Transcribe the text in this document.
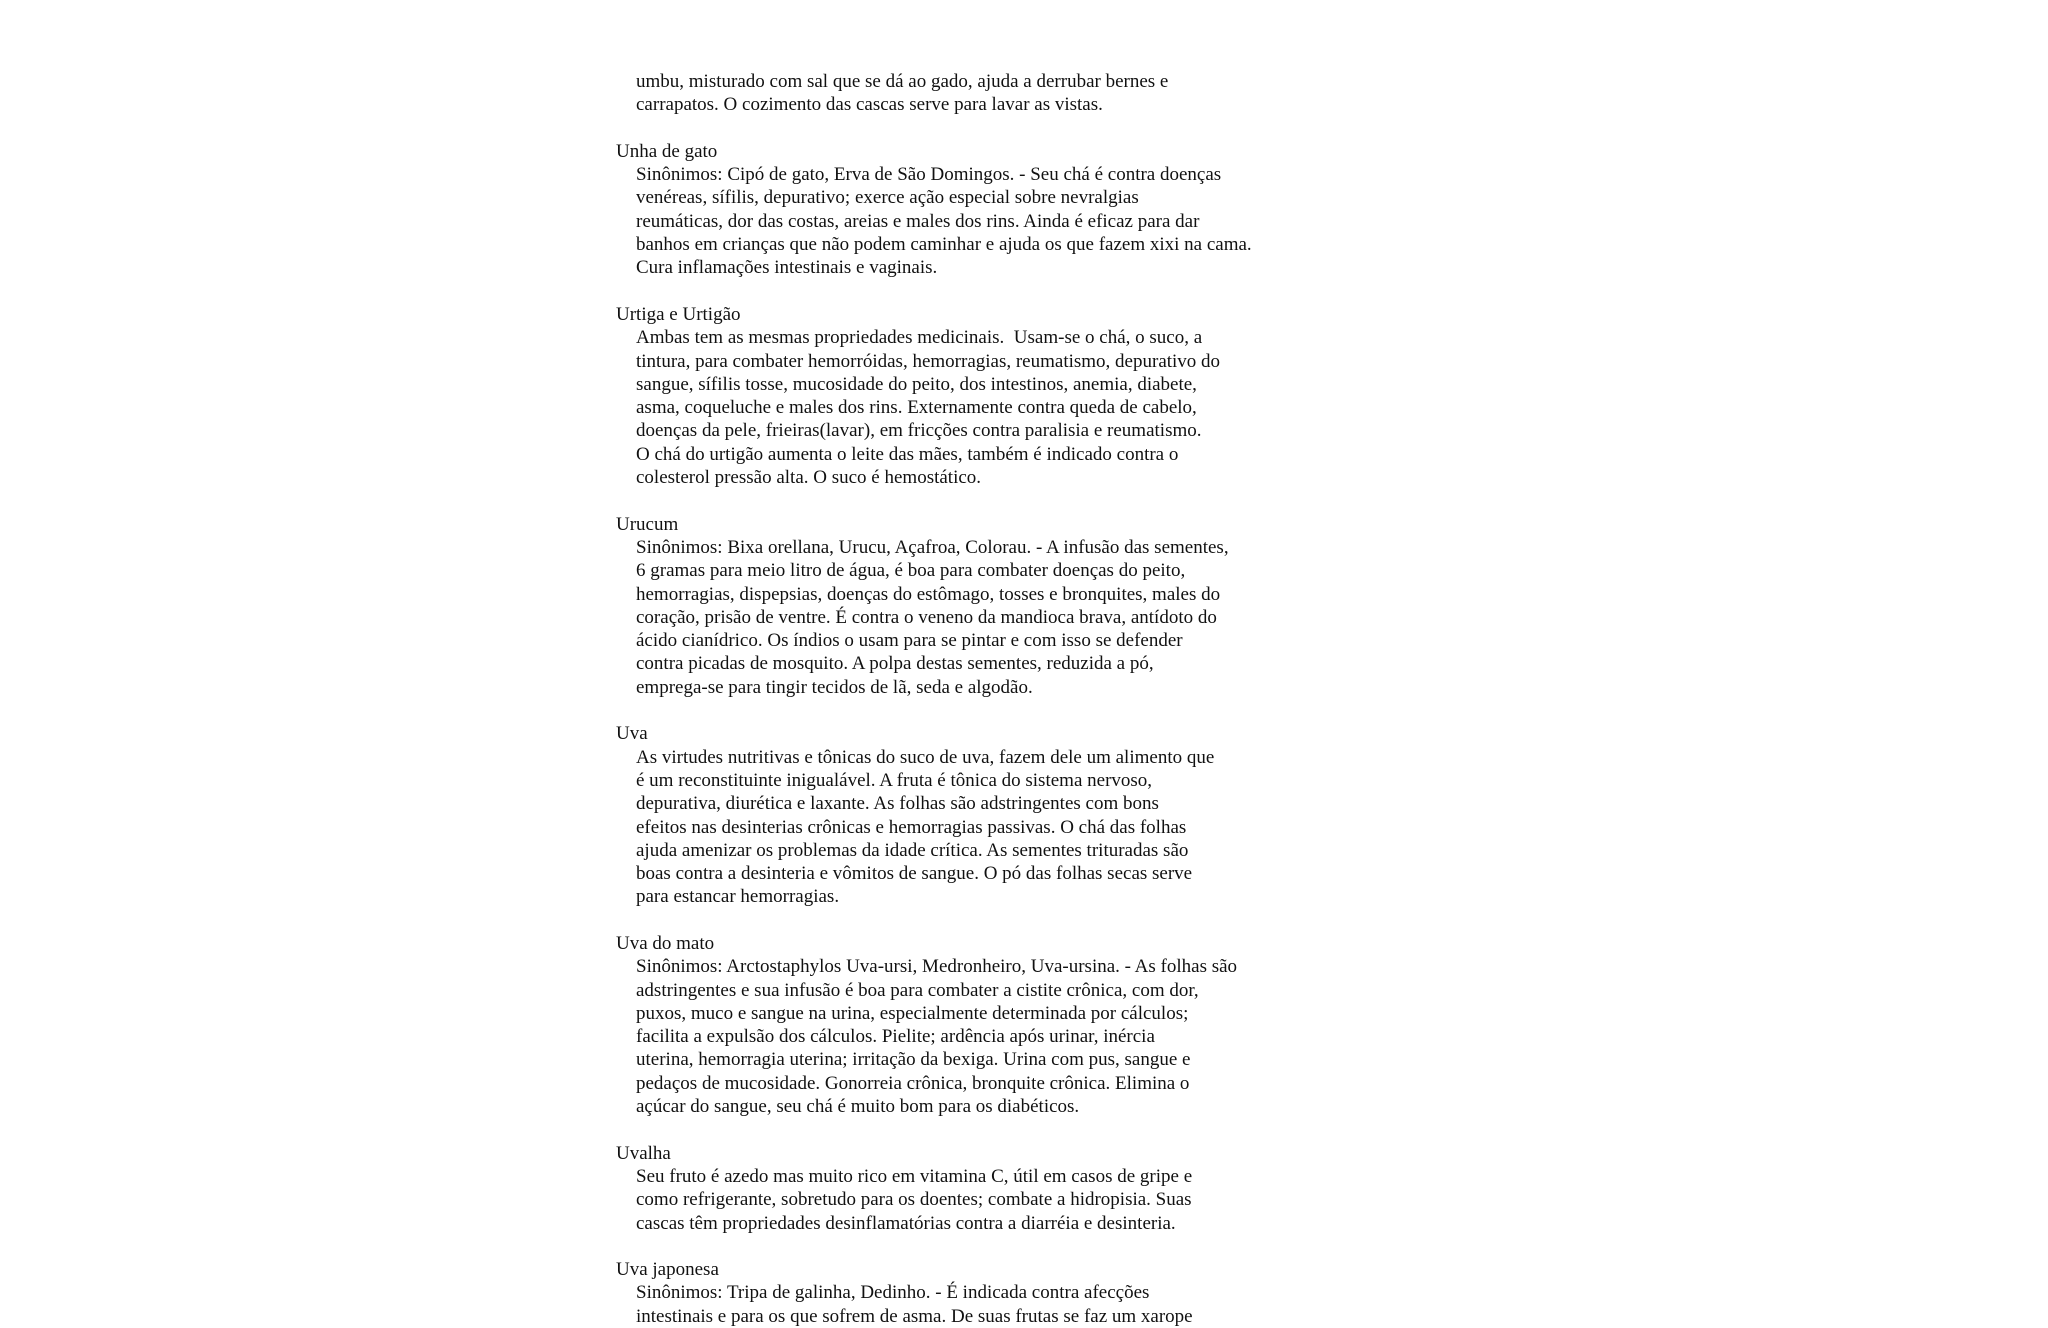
umbu, misturado com sal que se dá ao gado, ajuda a derrubar bernes e
carrapatos. O cozimento das cascas serve para lavar as vistas.
Unha de gato
Sinônimos: Cipó de gato, Erva de São Domingos. - Seu chá é contra doenças
venéreas, sífilis, depurativo; exerce ação especial sobre nevralgias
reumáticas, dor das costas, areias e males dos rins. Ainda é eficaz para dar
banhos em crianças que não podem caminhar e ajuda os que fazem xixi na cama.
Cura inflamações intestinais e vaginais.
Urtiga e Urtigão
Ambas tem as mesmas propriedades medicinais.  Usam-se o chá, o suco, a
tintura, para combater hemorróidas, hemorragias, reumatismo, depurativo do
sangue, sífilis tosse, mucosidade do peito, dos intestinos, anemia, diabete,
asma, coqueluche e males dos rins. Externamente contra queda de cabelo,
doenças da pele, frieiras(lavar), em fricções contra paralisia e reumatismo.
O chá do urtigão aumenta o leite das mães, também é indicado contra o
colesterol pressão alta. O suco é hemostático.
Urucum
Sinônimos: Bixa orellana, Urucu, Açafroa, Colorau. - A infusão das sementes,
6 gramas para meio litro de água, é boa para combater doenças do peito,
hemorragias, dispepsias, doenças do estômago, tosses e bronquites, males do
coração, prisão de ventre. É contra o veneno da mandioca brava, antídoto do
ácido cianídrico. Os índios o usam para se pintar e com isso se defender
contra picadas de mosquito. A polpa destas sementes, reduzida a pó,
emprega-se para tingir tecidos de lã, seda e algodão.
Uva
As virtudes nutritivas e tônicas do suco de uva, fazem dele um alimento que
é um reconstituinte inigualável. A fruta é tônica do sistema nervoso,
depurativa, diurética e laxante. As folhas são adstringentes com bons
efeitos nas desinterias crônicas e hemorragias passivas. O chá das folhas
ajuda amenizar os problemas da idade crítica. As sementes trituradas são
boas contra a desinteria e vômitos de sangue. O pó das folhas secas serve
para estancar hemorragias.
Uva do mato
Sinônimos: Arctostaphylos Uva-ursi, Medronheiro, Uva-ursina. - As folhas são
adstringentes e sua infusão é boa para combater a cistite crônica, com dor,
puxos, muco e sangue na urina, especialmente determinada por cálculos;
facilita a expulsão dos cálculos. Pielite; ardência após urinar, inércia
uterina, hemorragia uterina; irritação da bexiga. Urina com pus, sangue e
pedaços de mucosidade. Gonorreia crônica, bronquite crônica. Elimina o
açúcar do sangue, seu chá é muito bom para os diabéticos.
Uvalha
Seu fruto é azedo mas muito rico em vitamina C, útil em casos de gripe e
como refrigerante, sobretudo para os doentes; combate a hidropisia. Suas
cascas têm propriedades desinflamatórias contra a diarréia e desinteria.
Uva japonesa
Sinônimos: Tripa de galinha, Dedinho. - É indicada contra afecções
intestinais e para os que sofrem de asma. De suas frutas se faz um xarope
